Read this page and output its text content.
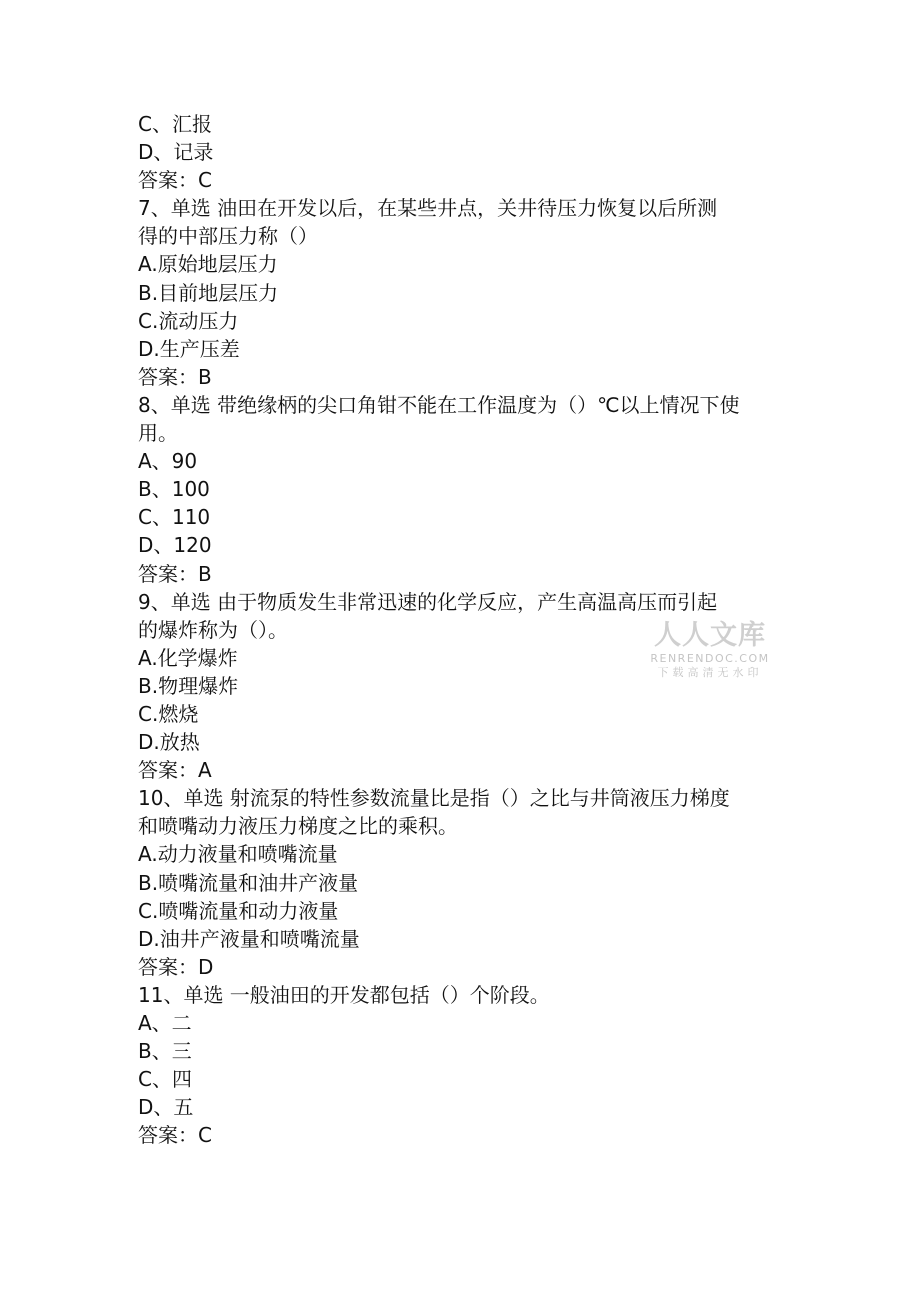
C、汇报
D、记录
答案：C
7、单选 油田在开发以后，在某些井点，关井待压力恢复以后所测
得的中部压力称（）
A.原始地层压力
B.目前地层压力
C.流动压力
D.生产压差
答案：B
8、单选 带绝缘柄的尖口角钳不能在工作温度为（）℃以上情况下使
用。
A、90
B、100
C、110
D、120
答案：B
9、单选 由于物质发生非常迅速的化学反应，产生高温高压而引起
的爆炸称为（）。
A.化学爆炸
B.物理爆炸
C.燃烧
D.放热
答案：A
10、单选 射流泵的特性参数流量比是指（）之比与井筒液压力梯度
和喷嘴动力液压力梯度之比的乘积。
A.动力液量和喷嘴流量
B.喷嘴流量和油井产液量
C.喷嘴流量和动力液量
D.油井产液量和喷嘴流量
答案：D
11、单选 一般油田的开发都包括（）个阶段。
A、二
B、三
C、四
D、五
答案：C
人人文库
RENRENDOC.COM
下载高清无水印
